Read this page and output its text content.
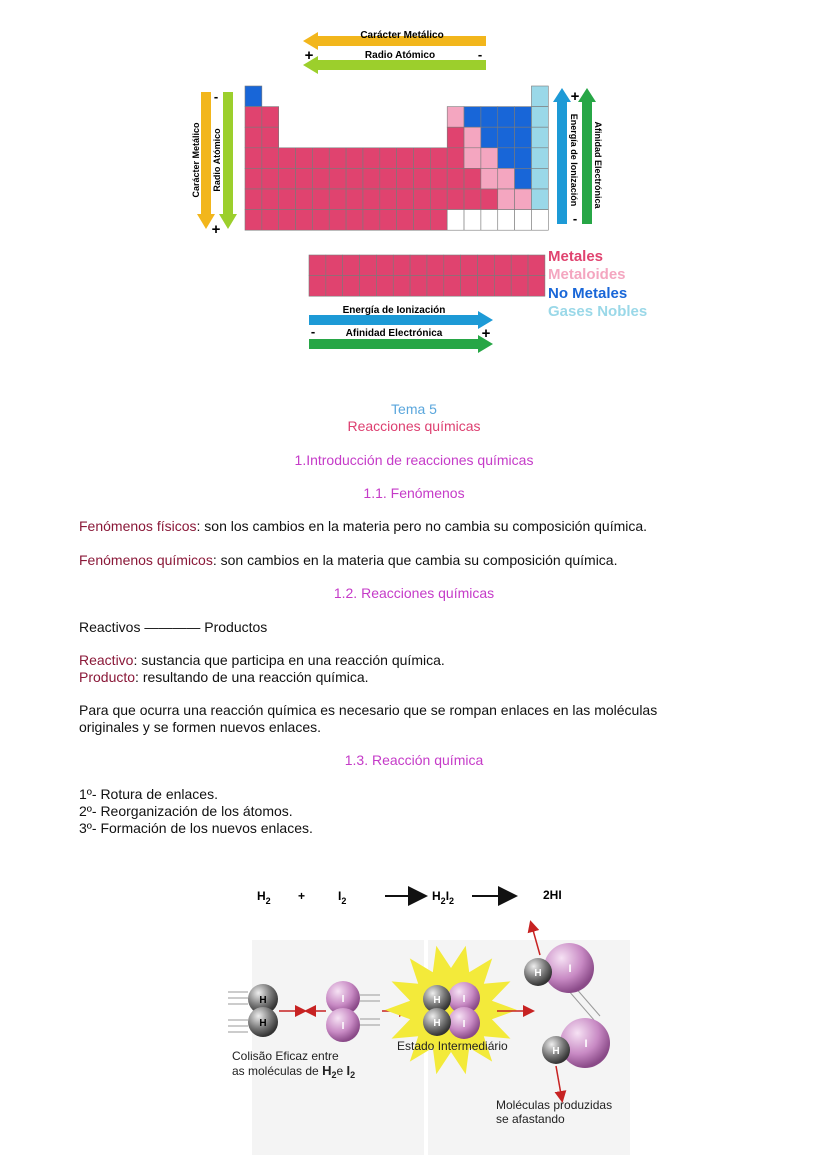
Carácter Metálico
Radio Atómico
+	-
Carácter Metálico Radio Atómico
-
+
Energía de Ionización Afinidad Electrónica
+
-
Metales
Metaloides
No Metales
Gases Nobles
Energía de Ionización
Afinidad Electrónica
-	+
Tema 5
Reacciones químicas
1.Introducción de reacciones químicas
1.1. Fenómenos
Fenómenos físicos: son los cambios en la materia pero no cambia su composición química.
Fenómenos químicos: son cambios en la materia que cambia su composición química.
1.2. Reacciones químicas
Reactivos ———— Productos
Reactivo: sustancia que participa en una reacción química.
Producto: resultando de una reacción química.
Para que ocurra una reacción química es necesario que se rompan enlaces en las moléculas
originales y se formen nuevos enlaces.
1.3. Reacción química
1º- Rotura de enlaces.
2º- Reorganización de los átomos.
3º- Formación de los nuevos enlaces.
$H_2$ +	$I_2$	$H_2I_2$	2HI
H
H
I
I
H
H
I
I
H I
H
I
Colisão Eficaz entre
as moléculas de $H_2e$ $I_2$
Estado Intermediário
Moléculas produzidas
se afastando
